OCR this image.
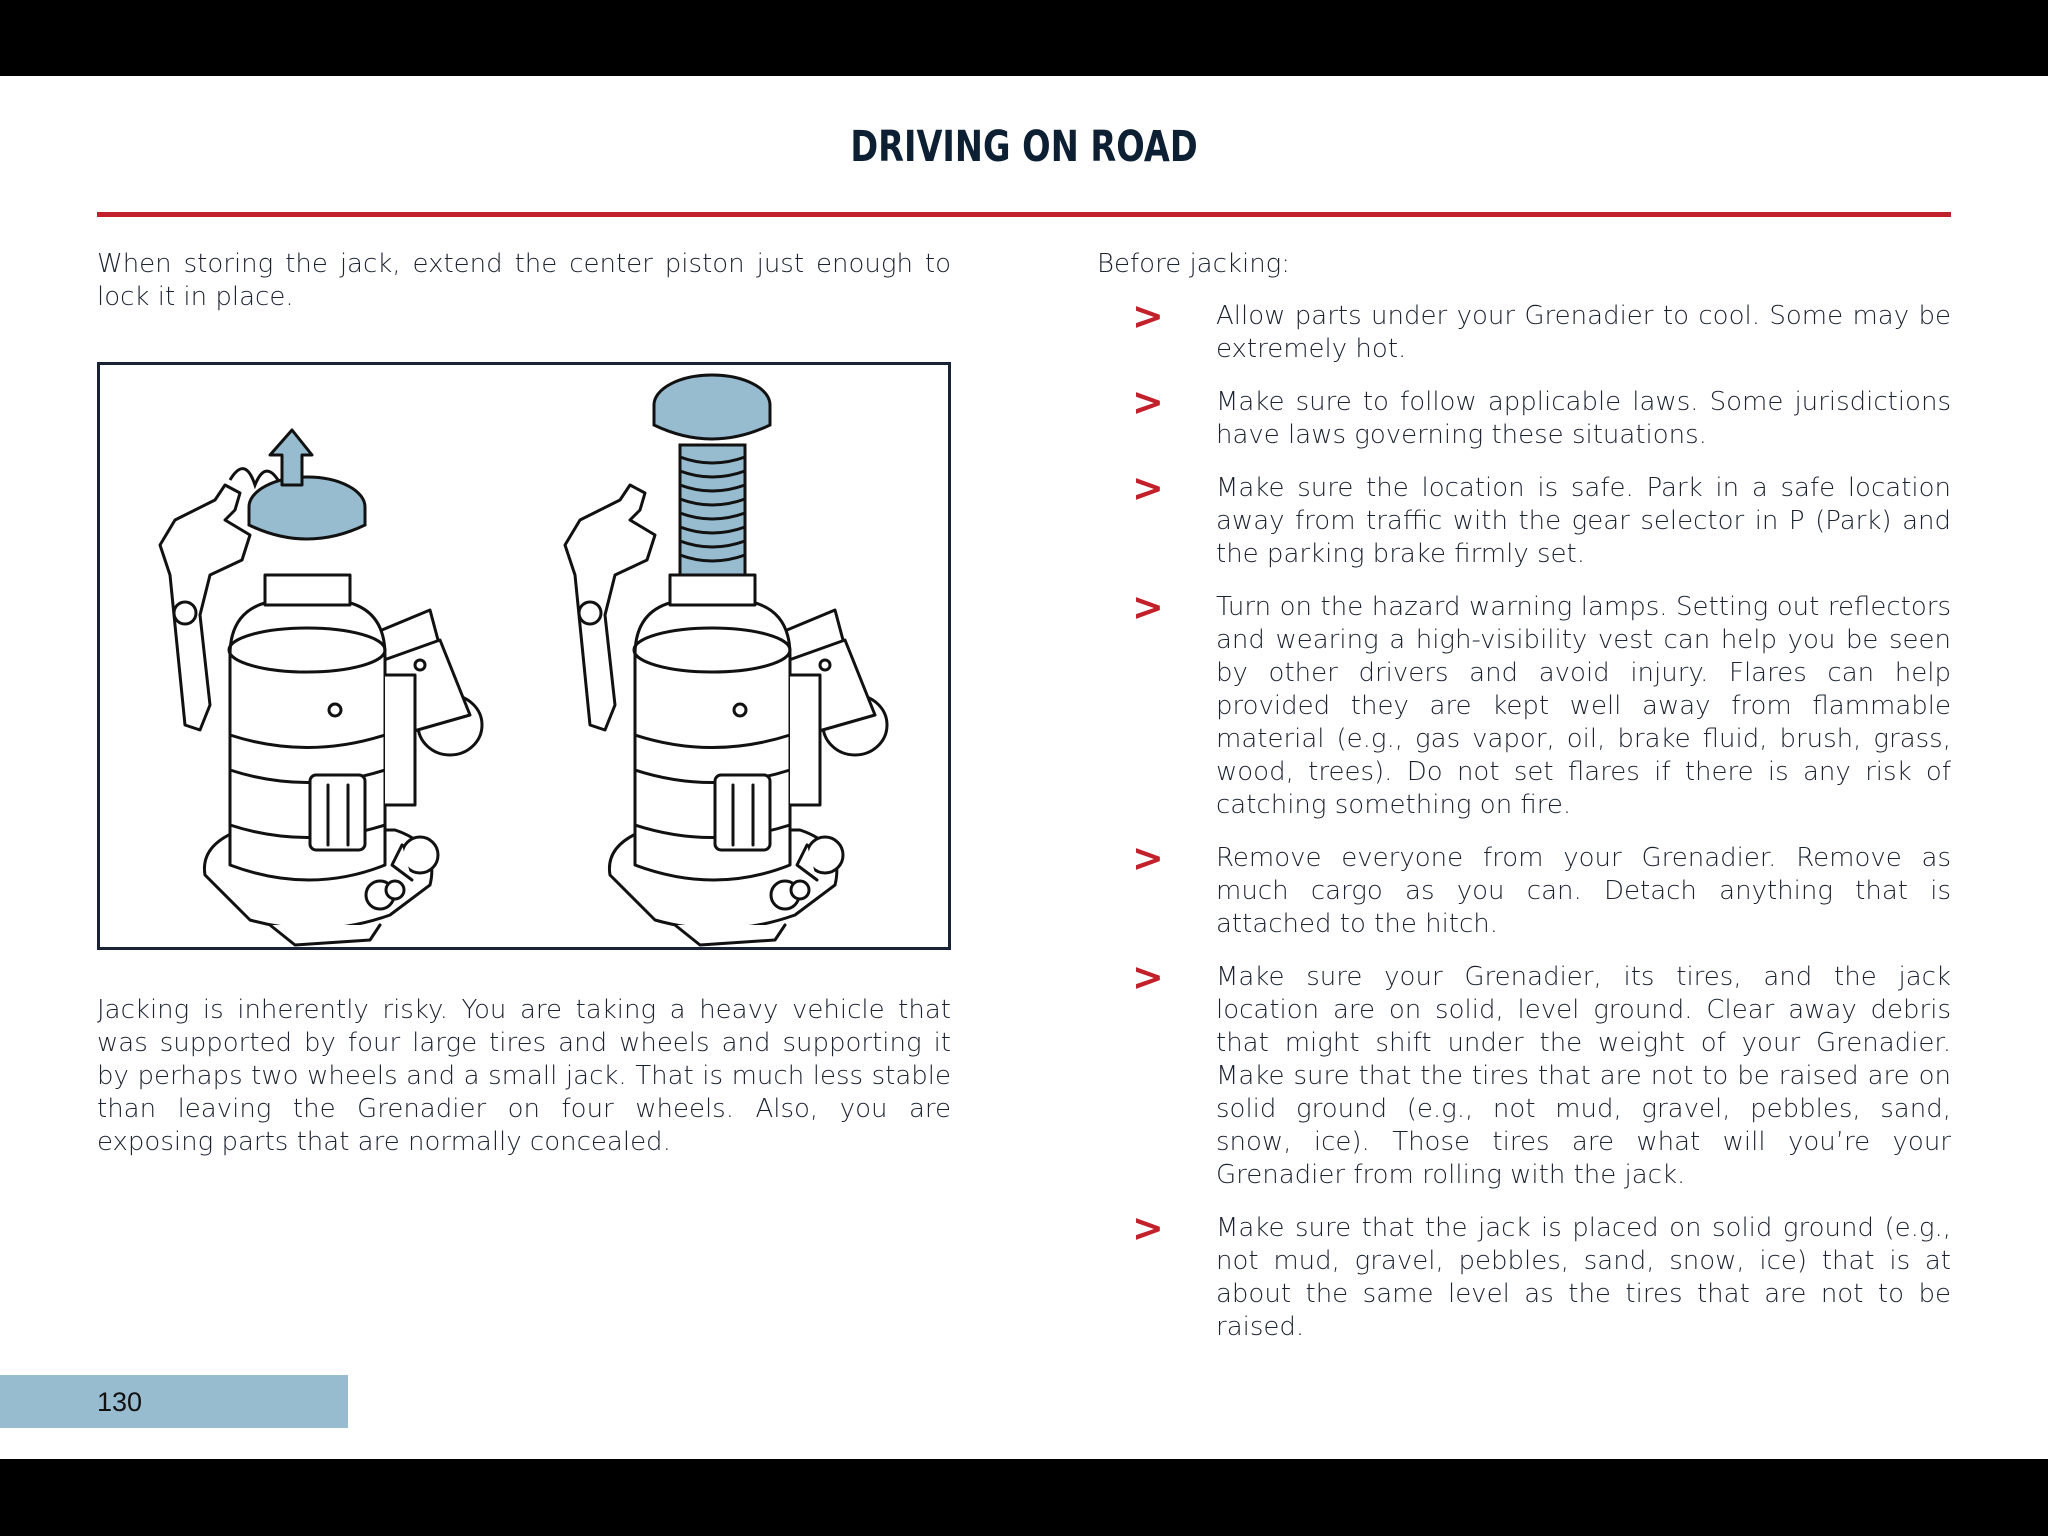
DRIVING ON ROAD

When storing the jack, extend the center piston just enough to lock it in place.

Jacking is inherently risky. You are taking a heavy vehicle that was supported by four large tires and wheels and supporting it by perhaps two wheels and a small jack. That is much less stable than leaving the Grenadier on four wheels. Also, you are exposing parts that are normally concealed.

Before jacking:

> Allow parts under your Grenadier to cool. Some may be extremely hot.
> Make sure to follow applicable laws. Some jurisdictions have laws governing these situations.
> Make sure the location is safe. Park in a safe location away from traffic with the gear selector in P (Park) and the parking brake firmly set.
> Turn on the hazard warning lamps. Setting out reflectors and wearing a high-visibility vest can help you be seen by other drivers and avoid injury. Flares can help provided they are kept well away from flammable material (e.g., gas vapor, oil, brake fluid, brush, grass, wood, trees). Do not set flares if there is any risk of catching something on fire.
> Remove everyone from your Grenadier. Remove as much cargo as you can. Detach anything that is attached to the hitch.
> Make sure your Grenadier, its tires, and the jack location are on solid, level ground. Clear away debris that might shift under the weight of your Grenadier. Make sure that the tires that are not to be raised are on solid ground (e.g., not mud, gravel, pebbles, sand, snow, ice). Those tires are what will you’re your Grenadier from rolling with the jack.
> Make sure that the jack is placed on solid ground (e.g., not mud, gravel, pebbles, sand, snow, ice) that is at about the same level as the tires that are not to be raised.
130
